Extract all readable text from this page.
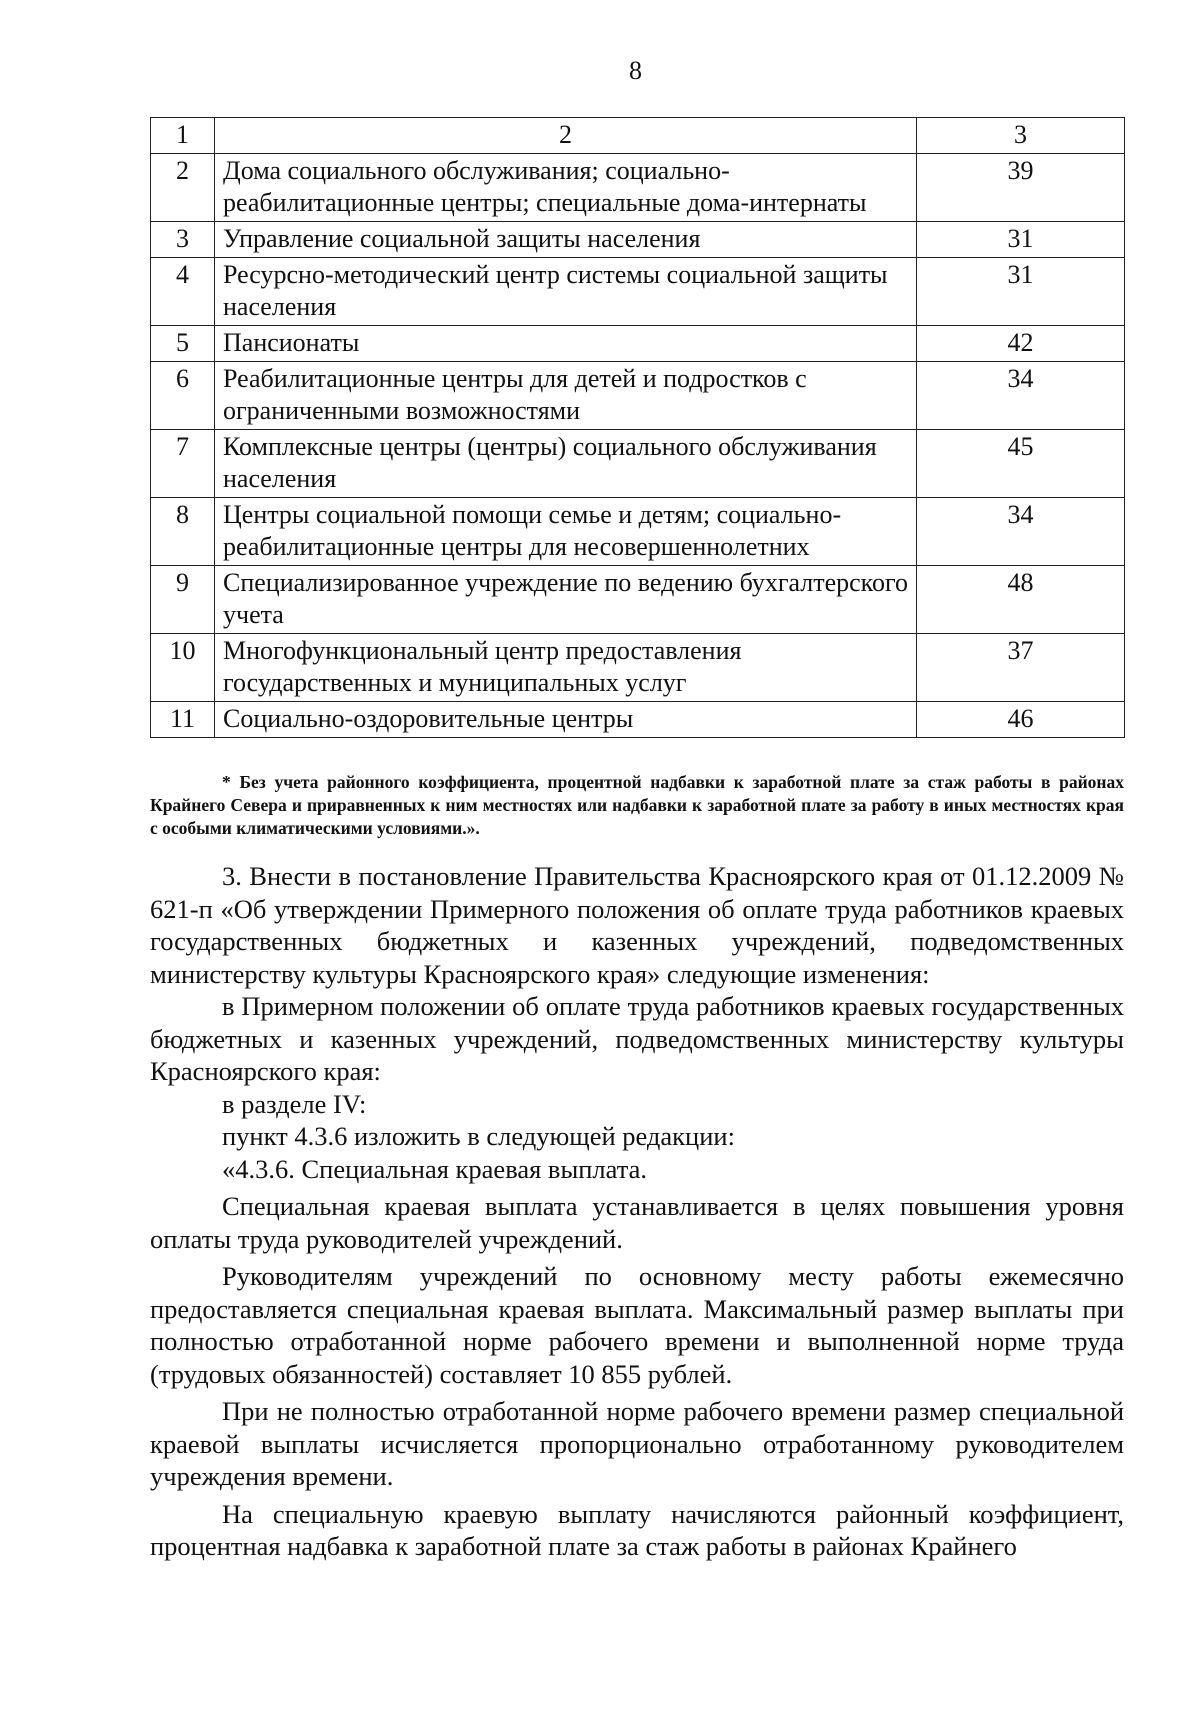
8
1	2	3
2	Дома социального обслуживания; социально-реабилитационные центры; специальные дома-интернаты	39
3	Управление социальной защиты населения	31
4	Ресурсно-методический центр системы социальной защиты населения	31
5	Пансионаты	42
6	Реабилитационные центры для детей и подростков с ограниченными возможностями	34
7	Комплексные центры (центры) социального обслуживания населения	45
8	Центры социальной помощи семье и детям; социально-реабилитационные центры для несовершеннолетних	34
9	Специализированное учреждение по ведению бухгалтерского учета	48
10	Многофункциональный центр предоставления государственных и муниципальных услуг	37
11	Социально-оздоровительные центры	46

* Без учета районного коэффициента, процентной надбавки к заработной плате за стаж работы в районах Крайнего Севера и приравненных к ним местностях или надбавки к заработной плате за работу в иных местностях края с особыми климатическими условиями.».

3. Внести в постановление Правительства Красноярского края от 01.12.2009 № 621-п «Об утверждении Примерного положения об оплате труда работников краевых государственных бюджетных и казенных учреждений, подведомственных министерству культуры Красноярского края» следующие изменения:

в Примерном положении об оплате труда работников краевых государственных бюджетных и казенных учреждений, подведомственных министерству культуры Красноярского края:

в разделе IV:

пункт 4.3.6 изложить в следующей редакции:

«4.3.6. Специальная краевая выплата.

Специальная краевая выплата устанавливается в целях повышения уровня оплаты труда руководителей учреждений.

Руководителям учреждений по основному месту работы ежемесячно предоставляется специальная краевая выплата. Максимальный размер выплаты при полностью отработанной норме рабочего времени и выполненной норме труда (трудовых обязанностей) составляет 10 855 рублей.

При не полностью отработанной норме рабочего времени размер специальной краевой выплаты исчисляется пропорционально отработанному руководителем учреждения времени.

На специальную краевую выплату начисляются районный коэффициент, процентная надбавка к заработной плате за стаж работы в районах Крайнего
